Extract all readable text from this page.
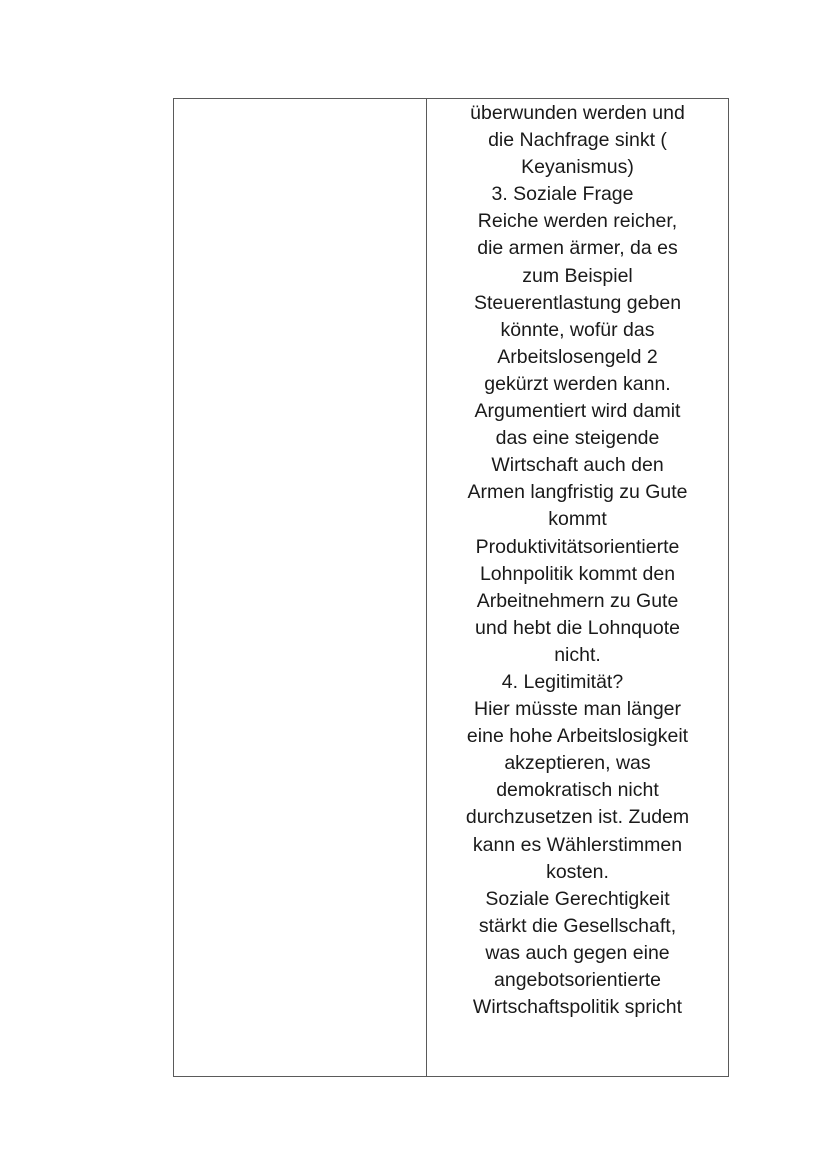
überwunden werden und
die Nachfrage sinkt (
Keyanismus)
3. Soziale Frage
Reiche werden reicher,
die armen ärmer, da es
zum Beispiel
Steuerentlastung geben
könnte, wofür das
Arbeitslosengeld 2
gekürzt werden kann.
Argumentiert wird damit
das eine steigende
Wirtschaft auch den
Armen langfristig zu Gute
kommt
Produktivitätsorientierte
Lohnpolitik kommt den
Arbeitnehmern zu Gute
und hebt die Lohnquote
nicht.
4. Legitimität?
Hier müsste man länger
eine hohe Arbeitslosigkeit
akzeptieren, was
demokratisch nicht
durchzusetzen ist. Zudem
kann es Wählerstimmen
kosten.
Soziale Gerechtigkeit
stärkt die Gesellschaft,
was auch gegen eine
angebotsorientierte
Wirtschaftspolitik spricht
